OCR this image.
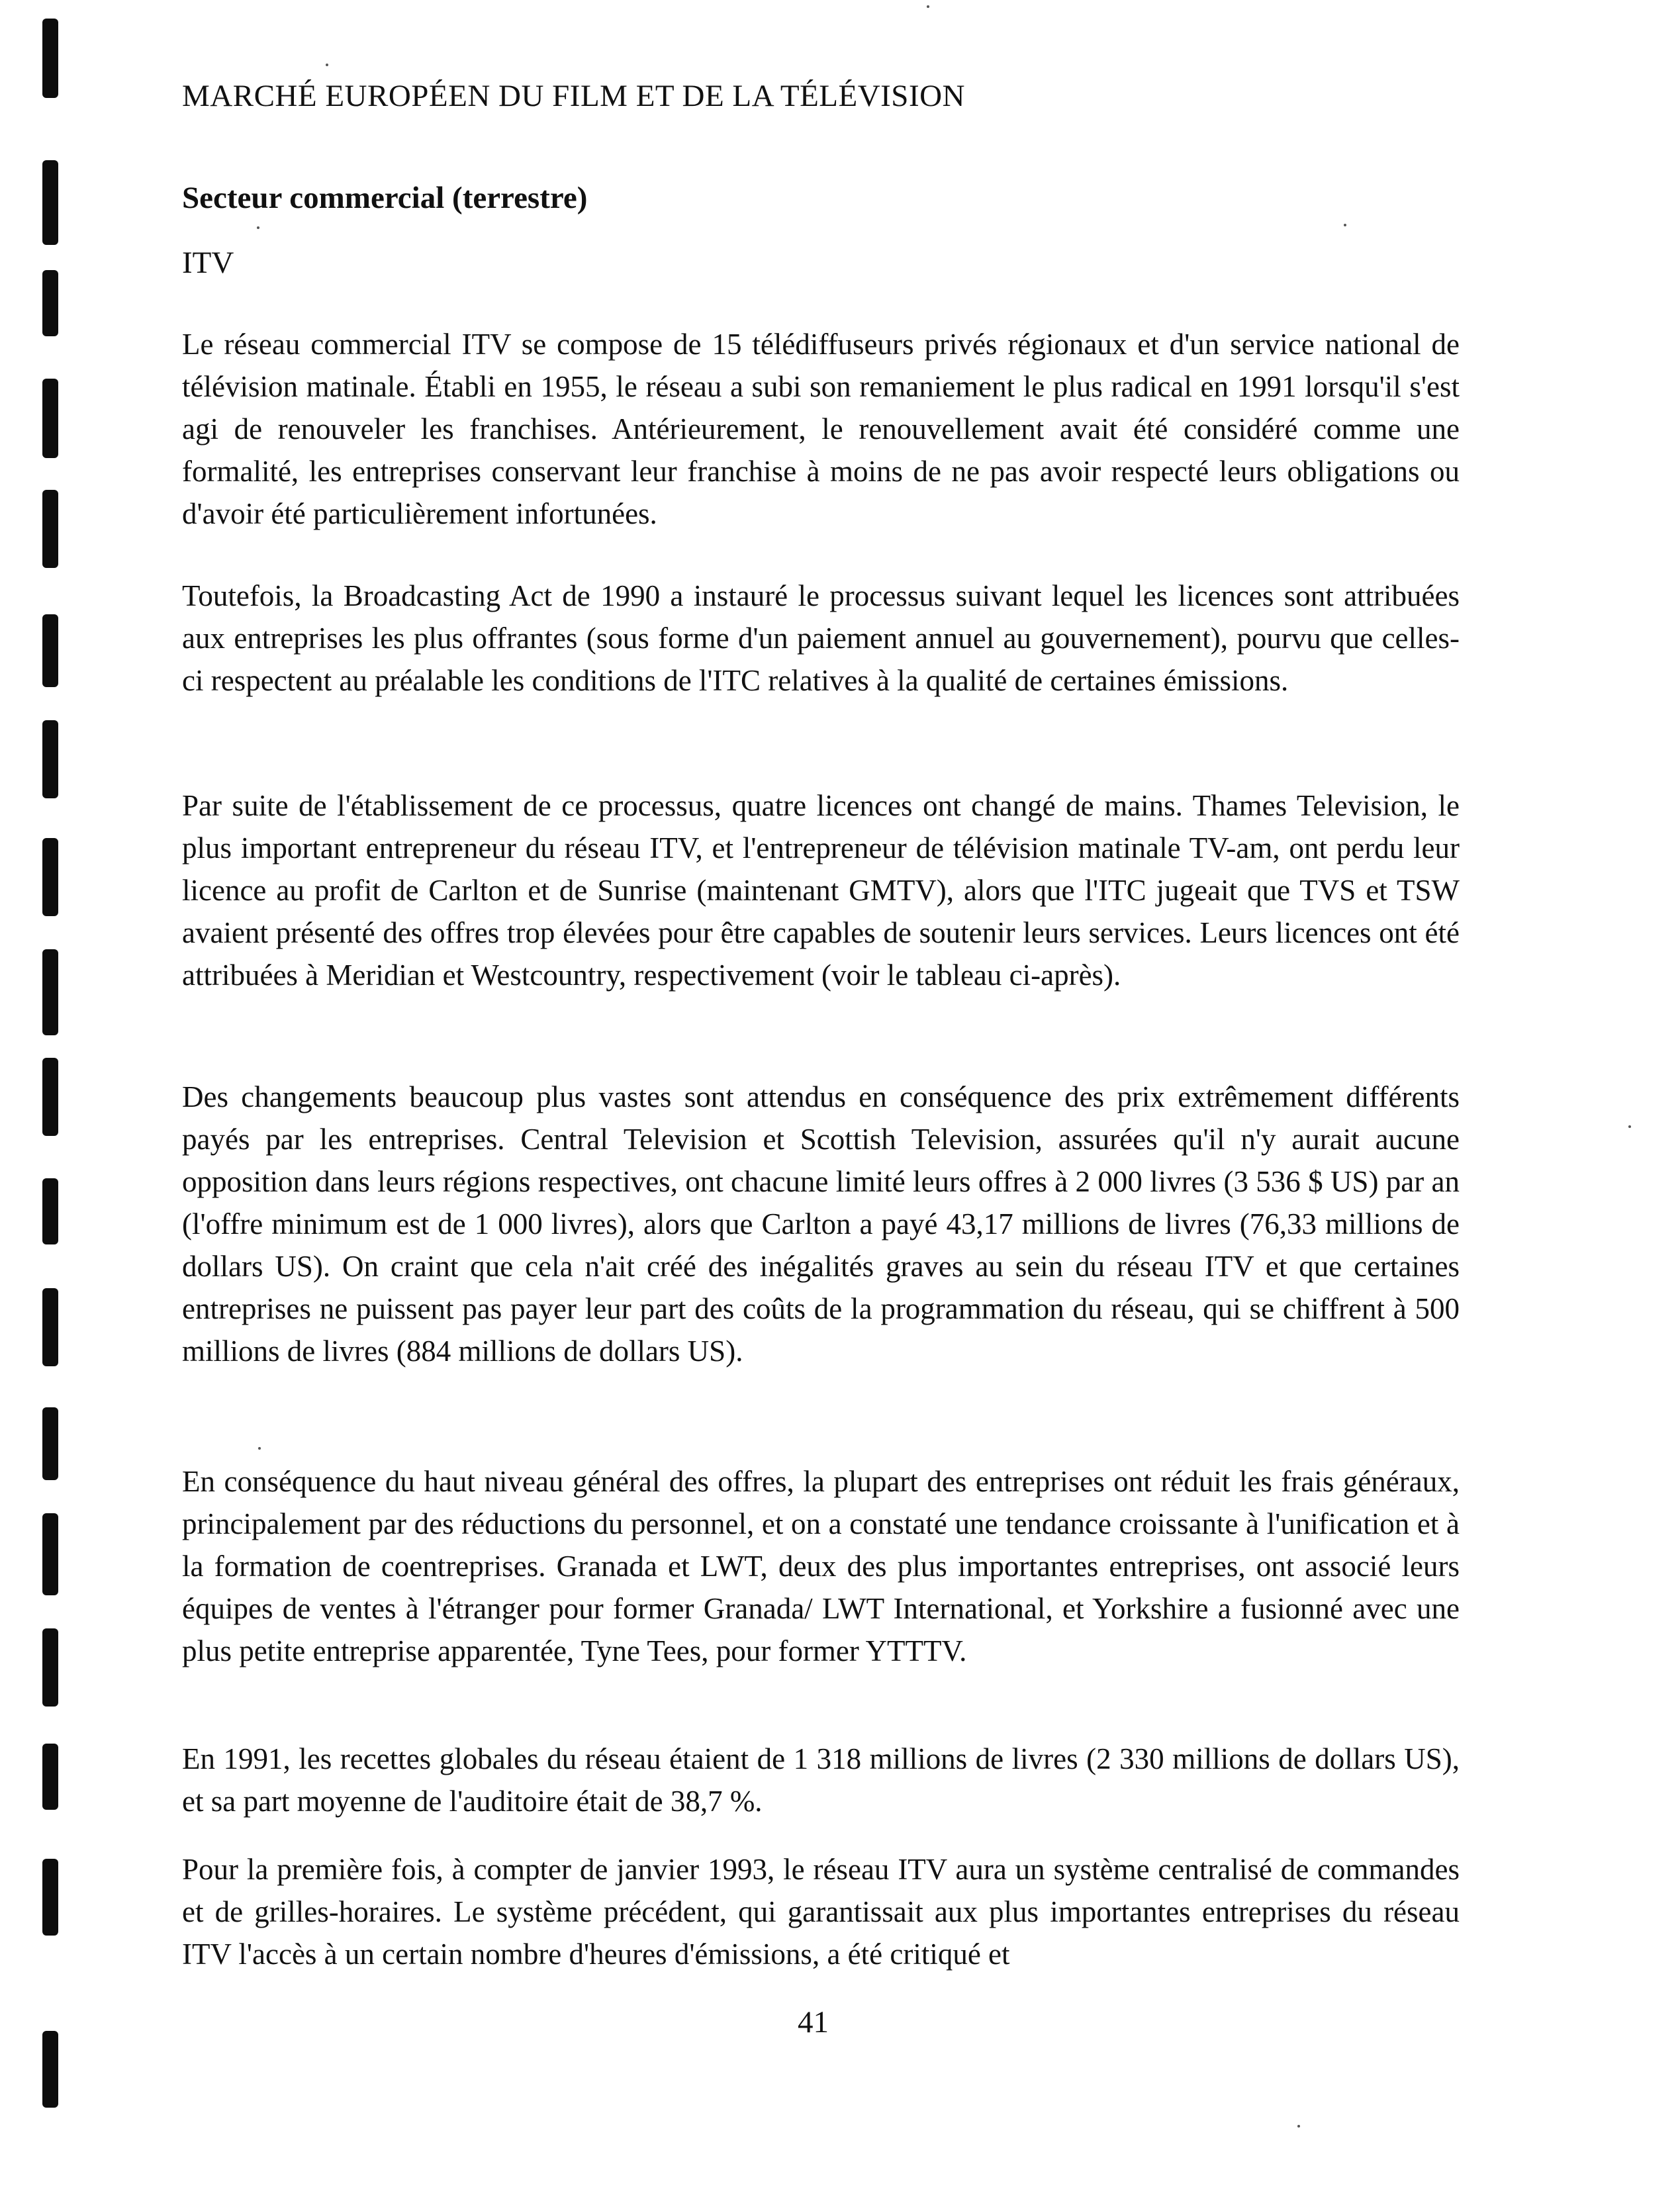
MARCHÉ EUROPÉEN DU FILM ET DE LA TÉLÉVISION
Secteur commercial (terrestre)
ITV

Le réseau commercial ITV se compose de 15 télédiffuseurs privés régionaux et d'un service national de télévision matinale. Établi en 1955, le réseau a subi son remaniement le plus radical en 1991 lorsqu'il s'est agi de renouveler les franchises. Antérieurement, le renouvellement avait été considéré comme une formalité, les entreprises conservant leur franchise à moins de ne pas avoir respecté leurs obligations ou d'avoir été particulièrement infortunées.

Toutefois, la Broadcasting Act de 1990 a instauré le processus suivant lequel les licences sont attribuées aux entreprises les plus offrantes (sous forme d'un paiement annuel au gouvernement), pourvu que celles-ci respectent au préalable les conditions de l'ITC relatives à la qualité de certaines émissions.

Par suite de l'établissement de ce processus, quatre licences ont changé de mains. Thames Television, le plus important entrepreneur du réseau ITV, et l'entrepreneur de télévision matinale TV-am, ont perdu leur licence au profit de Carlton et de Sunrise (maintenant GMTV), alors que l'ITC jugeait que TVS et TSW avaient présenté des offres trop élevées pour être capables de soutenir leurs services. Leurs licences ont été attribuées à Meridian et Westcountry, respectivement (voir le tableau ci-après).

Des changements beaucoup plus vastes sont attendus en conséquence des prix extrêmement différents payés par les entreprises. Central Television et Scottish Television, assurées qu'il n'y aurait aucune opposition dans leurs régions respectives, ont chacune limité leurs offres à 2 000 livres (3 536 $ US) par an (l'offre minimum est de 1 000 livres), alors que Carlton a payé 43,17 millions de livres (76,33 millions de dollars US). On craint que cela n'ait créé des inégalités graves au sein du réseau ITV et que certaines entreprises ne puissent pas payer leur part des coûts de la programmation du réseau, qui se chiffrent à 500 millions de livres (884 millions de dollars US).

En conséquence du haut niveau général des offres, la plupart des entreprises ont réduit les frais généraux, principalement par des réductions du personnel, et on a constaté une tendance croissante à l'unification et à la formation de coentreprises. Granada et LWT, deux des plus importantes entreprises, ont associé leurs équipes de ventes à l'étranger pour former Granada/ LWT International, et Yorkshire a fusionné avec une plus petite entreprise apparentée, Tyne Tees, pour former YTTTV.

En 1991, les recettes globales du réseau étaient de 1 318 millions de livres (2 330 millions de dollars US), et sa part moyenne de l'auditoire était de 38,7 %.

Pour la première fois, à compter de janvier 1993, le réseau ITV aura un système centralisé de commandes et de grilles-horaires. Le système précédent, qui garantissait aux plus importantes entreprises du réseau ITV l'accès à un certain nombre d'heures d'émissions, a été critiqué et

41
